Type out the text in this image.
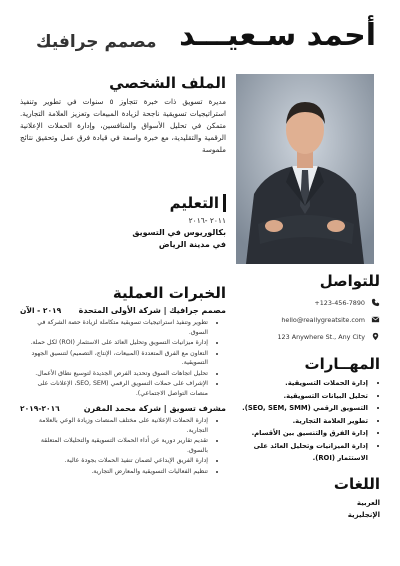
أحمد سـعيـــد
مصمم جرافيك
الملف الشخصي
مديرة تسويق ذات خبرة تتجاوز ٥ سنوات في تطوير وتنفيذ استراتيجيات تسويقية ناجحة لزيادة المبيعات وتعزيز العلامة التجارية. متمكن في تحليل الأسواق والمنافسين، وإدارة الحملات الإعلانية الرقمية والتقليدية، مع خبرة واسعة في قيادة فرق عمل وتحقيق نتائج ملموسة
التعليم
٢٠١١ -٢٠١٦
بكالوريوس في التسويق
في مدينة الرياض
الخبرات العملية
مصمم جرافيك | شركة الأولى المتحدة
٢٠١٩ - الآن
• تطوير وتنفيذ استراتيجيات تسويقية متكاملة لزيادة حصة الشركة في السوق.
• إدارة ميزانيات التسويق وتحليل العائد على الاستثمار (ROI) لكل حملة.
• التعاون مع الفرق المتعددة (المبيعات، الإنتاج، التصميم) لتنسيق الجهود التسويقية.
• تحليل اتجاهات السوق وتحديد الفرص الجديدة لتوسيع نطاق الأعمال.
• الإشراف على حملات التسويق الرقمي (SEO, SEM، الإعلانات على منصات التواصل الاجتماعي).
مشرف تسويق | شركة محمد المقرن
٢٠١٦-٢٠١٩
• إدارة الحملات الإعلانية على مختلف المنصات وزيادة الوعي بالعلامة التجارية.
• تقديم تقارير دورية عن أداء الحملات التسويقية والتحليلات المتعلقة بالسوق.
• إدارة الفريق الإبداعي لضمان تنفيذ الحملات بجودة عالية.
• تنظيم الفعاليات التسويقية والمعارض التجارية.
للتواصل
+123-456-7890
hello@reallygreatsite.com
123 Anywhere St., Any City
المهــارات
• إدارة الحملات التسويقية.
• تحليل البيانات التسويقية.
• التسويق الرقمي (SEO, SEM, SMM).
• تطوير العلامة التجارية.
• إدارة الفرق والتنسيق بين الأقسام.
• إدارة الميزانيات وتحليل العائد على الاستثمار (ROI).
اللغات
العربية
الإنجليزية
